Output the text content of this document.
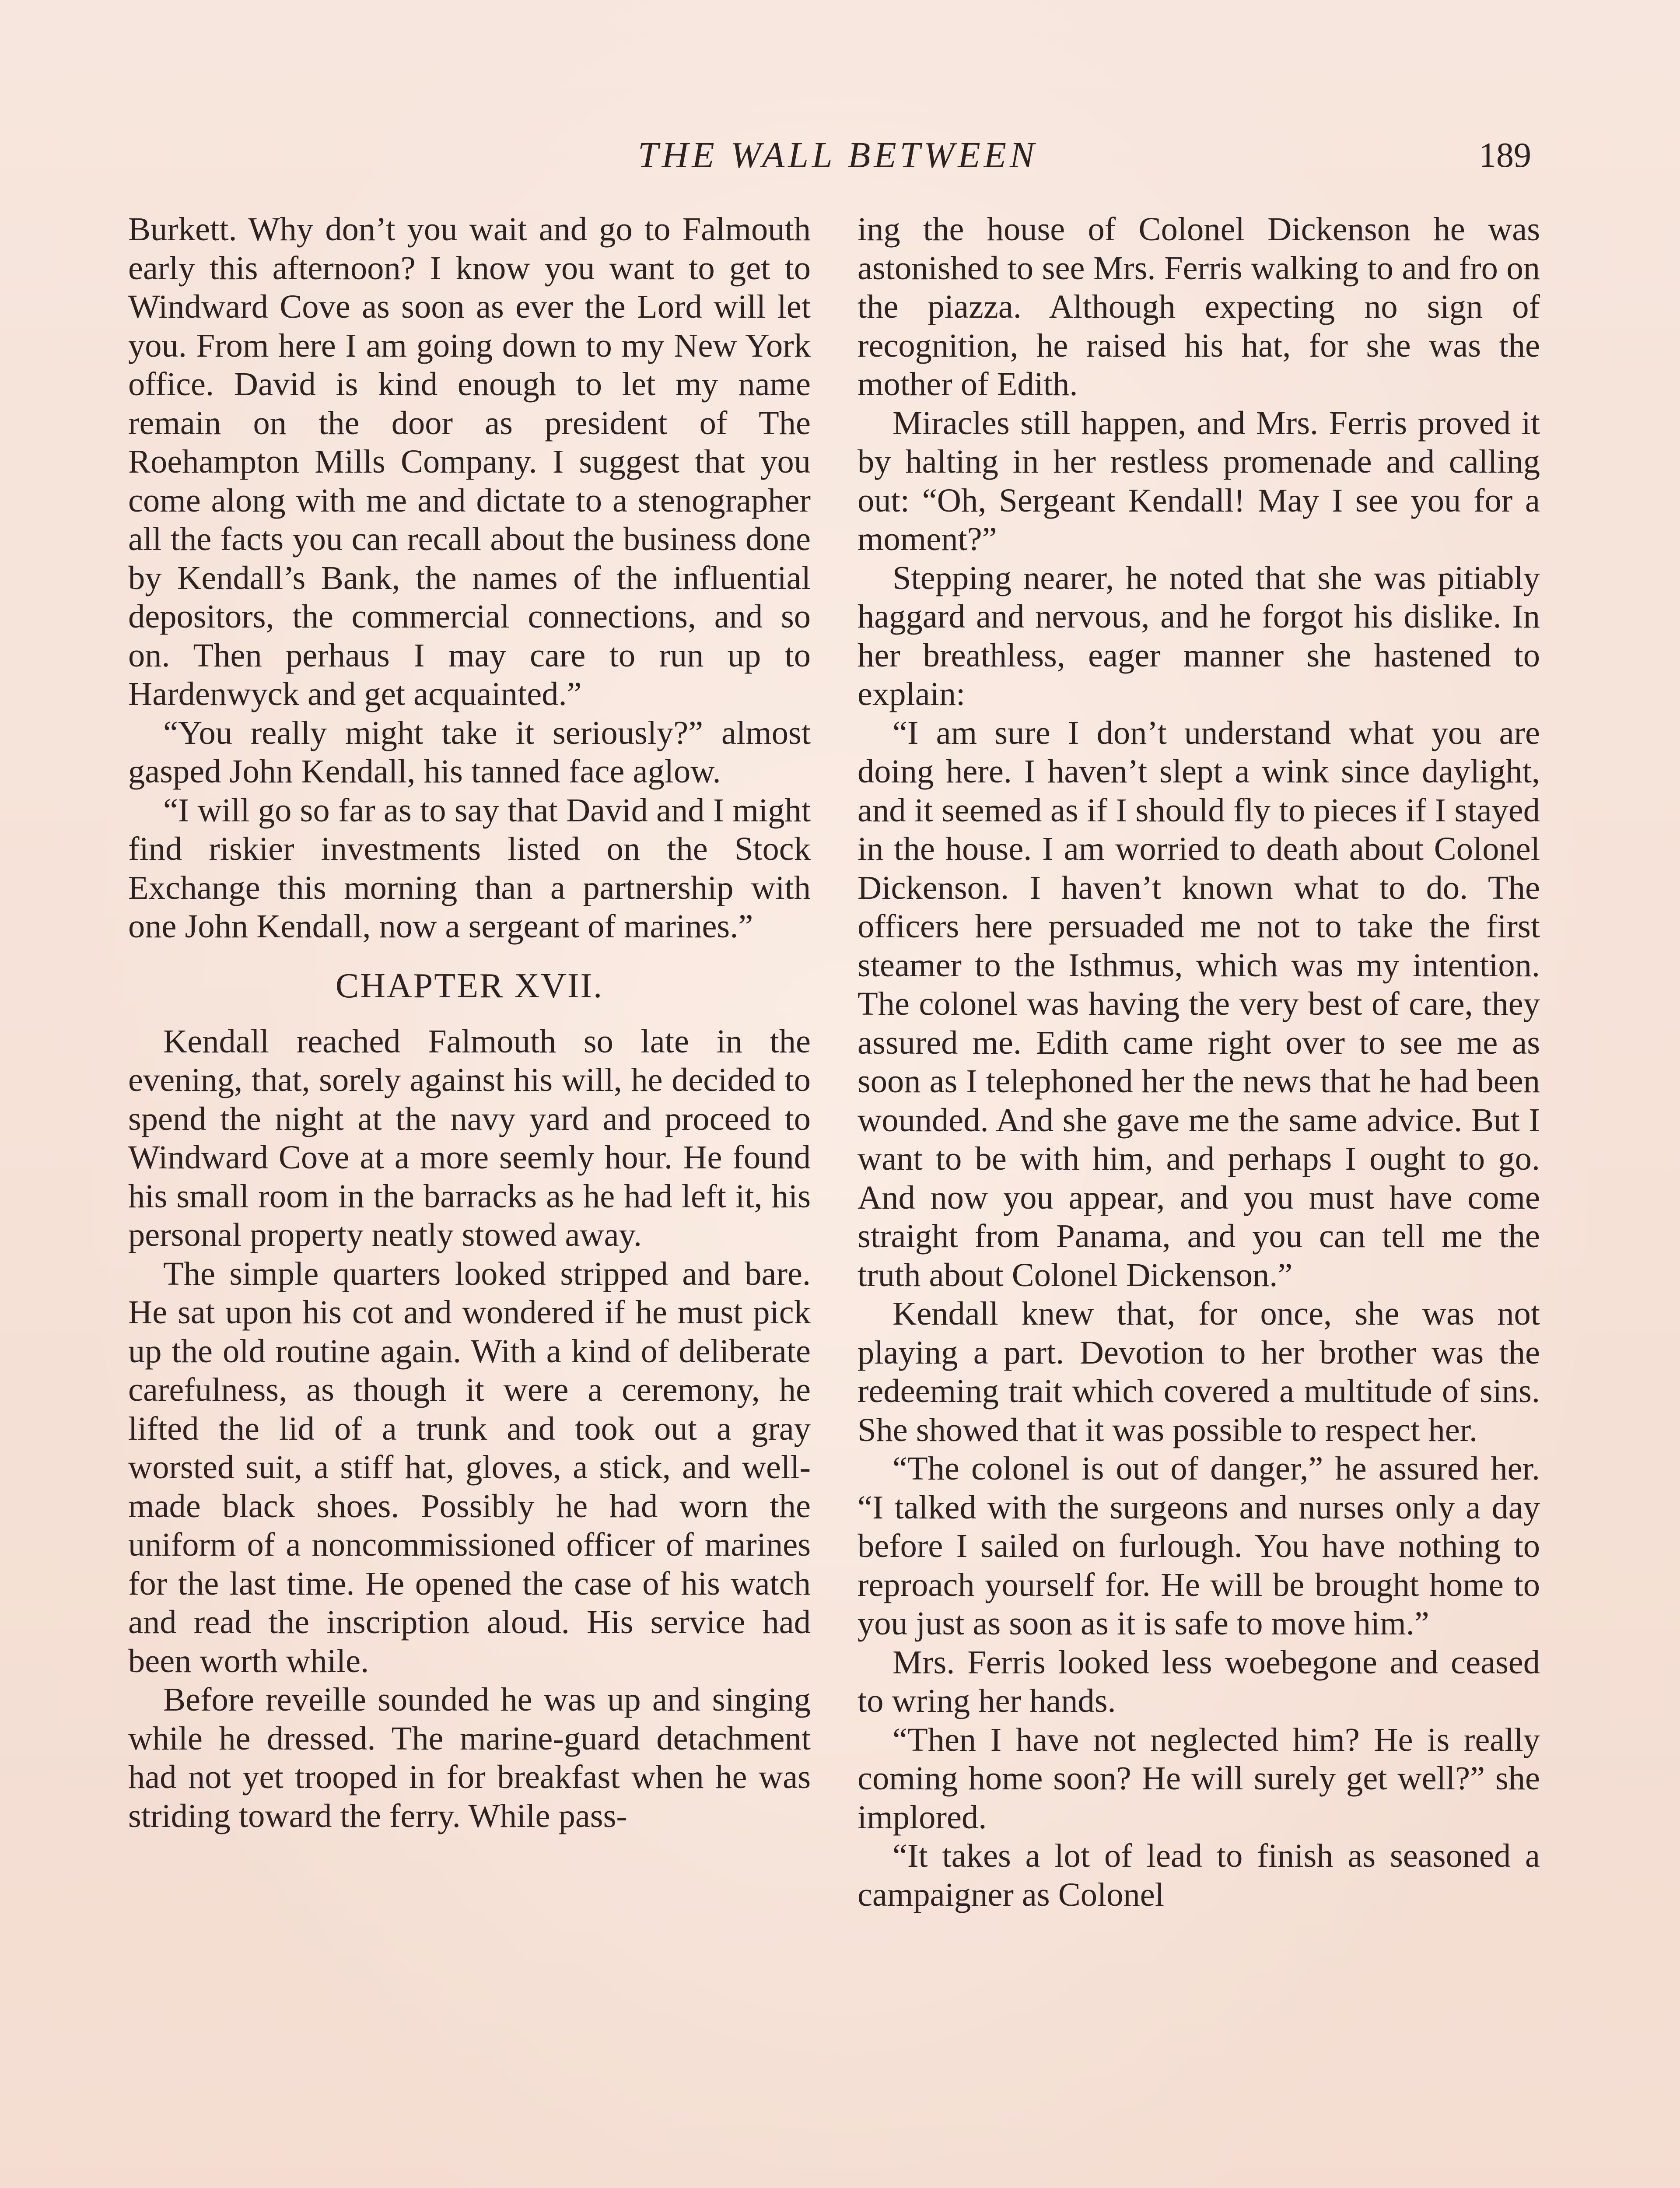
THE WALL BETWEEN	189

Burkett. Why don’t you wait and go to Falmouth early this afternoon? I know you want to get to Windward Cove as soon as ever the Lord will let you. From here I am going down to my New York office. David is kind enough to let my name remain on the door as president of The Roehampton Mills Company. I suggest that you come along with me and dictate to a stenographer all the facts you can recall about the business done by Kendall’s Bank, the names of the influential depositors, the commercial connections, and so on. Then perhaus I may care to run up to Hardenwyck and get acquainted.”

“You really might take it seriously?” almost gasped John Kendall, his tanned face aglow.

“I will go so far as to say that David and I might find riskier investments listed on the Stock Exchange this morning than a partnership with one John Kendall, now a sergeant of marines.”

CHAPTER XVII.

Kendall reached Falmouth so late in the evening, that, sorely against his will, he decided to spend the night at the navy yard and proceed to Windward Cove at a more seemly hour. He found his small room in the barracks as he had left it, his personal property neatly stowed away.

The simple quarters looked stripped and bare. He sat upon his cot and wondered if he must pick up the old routine again. With a kind of deliberate carefulness, as though it were a ceremony, he lifted the lid of a trunk and took out a gray worsted suit, a stiff hat, gloves, a stick, and well-made black shoes. Possibly he had worn the uniform of a noncommissioned officer of marines for the last time. He opened the case of his watch and read the inscription aloud. His service had been worth while.

Before reveille sounded he was up and singing while he dressed. The marine-guard detachment had not yet trooped in for breakfast when he was striding toward the ferry. While pass-

ing the house of Colonel Dickenson he was astonished to see Mrs. Ferris walking to and fro on the piazza. Although expecting no sign of recognition, he raised his hat, for she was the mother of Edith.

Miracles still happen, and Mrs. Ferris proved it by halting in her restless promenade and calling out: “Oh, Sergeant Kendall! May I see you for a moment?”

Stepping nearer, he noted that she was pitiably haggard and nervous, and he forgot his dislike. In her breathless, eager manner she hastened to explain:

“I am sure I don’t understand what you are doing here. I haven’t slept a wink since daylight, and it seemed as if I should fly to pieces if I stayed in the house. I am worried to death about Colonel Dickenson. I haven’t known what to do. The officers here persuaded me not to take the first steamer to the Isthmus, which was my intention. The colonel was having the very best of care, they assured me. Edith came right over to see me as soon as I telephoned her the news that he had been wounded. And she gave me the same advice. But I want to be with him, and perhaps I ought to go. And now you appear, and you must have come straight from Panama, and you can tell me the truth about Colonel Dickenson.”

Kendall knew that, for once, she was not playing a part. Devotion to her brother was the redeeming trait which covered a multitude of sins. She showed that it was possible to respect her.

“The colonel is out of danger,” he assured her. “I talked with the surgeons and nurses only a day before I sailed on furlough. You have nothing to reproach yourself for. He will be brought home to you just as soon as it is safe to move him.”

Mrs. Ferris looked less woebegone and ceased to wring her hands.

“Then I have not neglected him? He is really coming home soon? He will surely get well?” she implored.

“It takes a lot of lead to finish as seasoned a campaigner as Colonel
